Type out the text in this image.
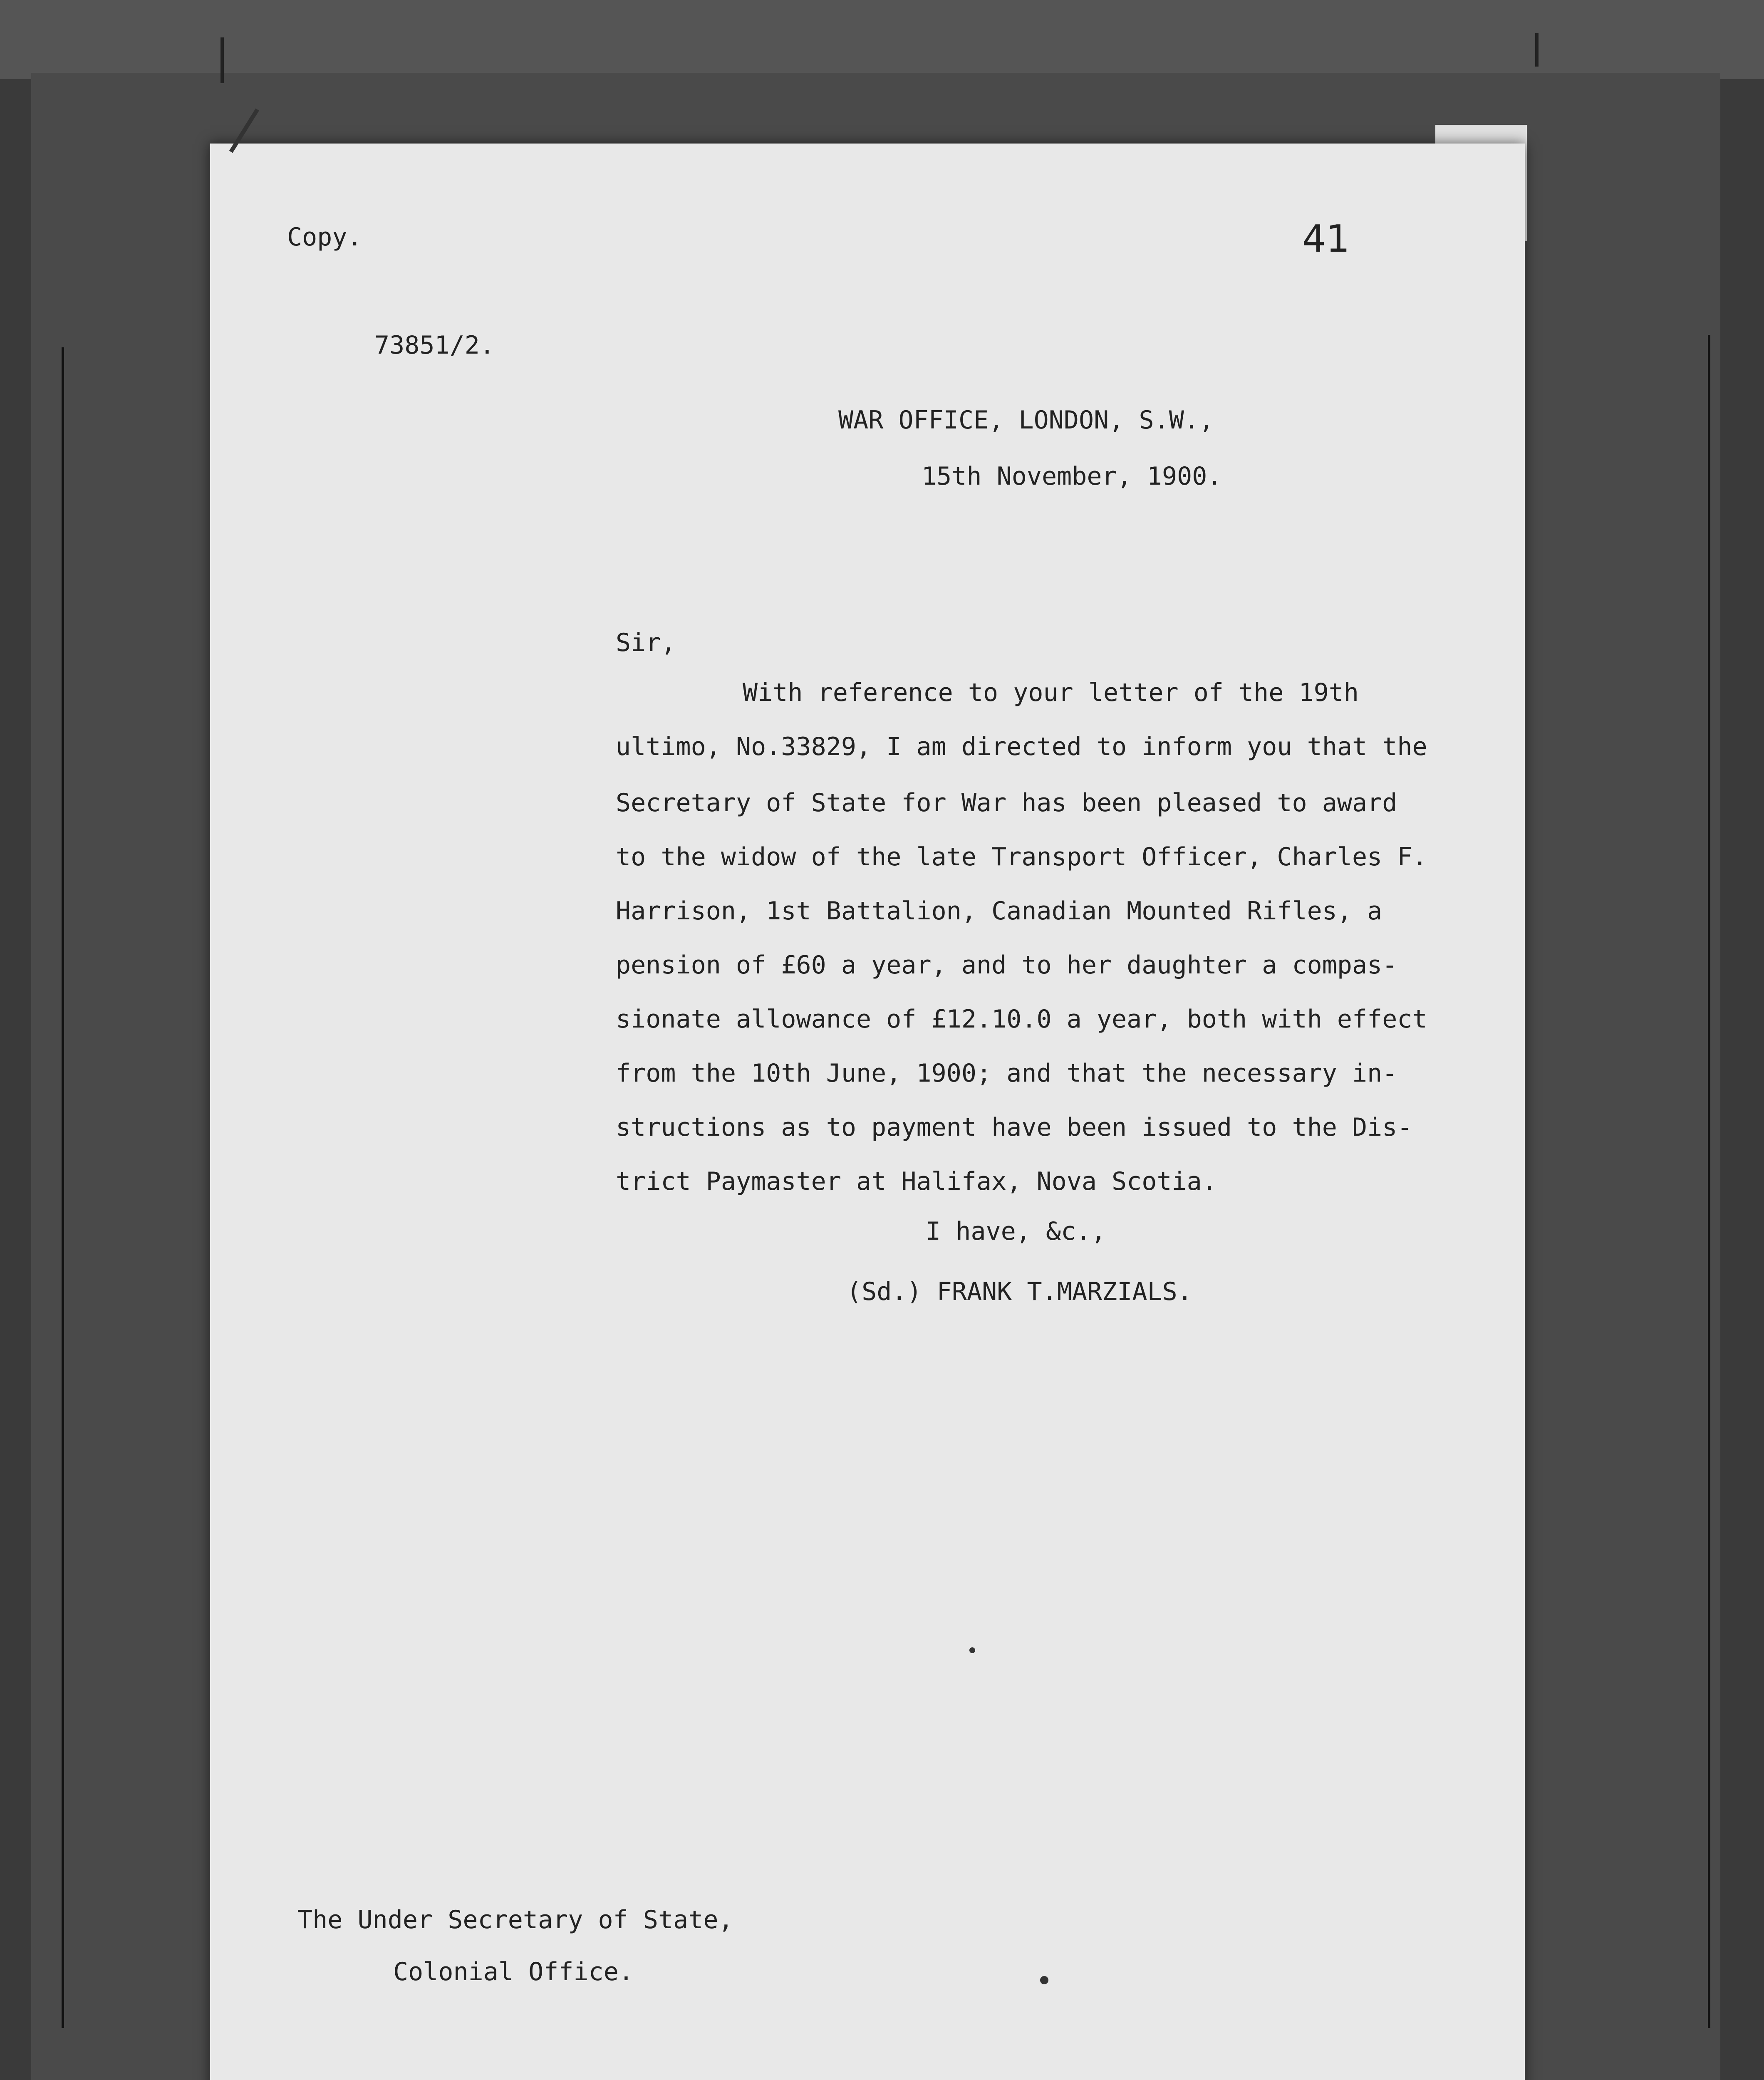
Copy.	41
73851/2.
WAR OFFICE, LONDON, S.W.,
15th November, 1900.
Sir,
With reference to your letter of the 19th
ultimo, No.33829, I am directed to inform you that the
Secretary of State for War has been pleased to award
to the widow of the late Transport Officer, Charles F.
Harrison, 1st Battalion, Canadian Mounted Rifles, a
pension of £60 a year, and to her daughter a compas-
sionate allowance of £12.10.0 a year, both with effect
from the 10th June, 1900; and that the necessary in-
structions as to payment have been issued to the Dis-
trict Paymaster at Halifax, Nova Scotia.
I have, &c.,
(Sd.) FRANK T.MARZIALS.
The Under Secretary of State,
Colonial Office.
